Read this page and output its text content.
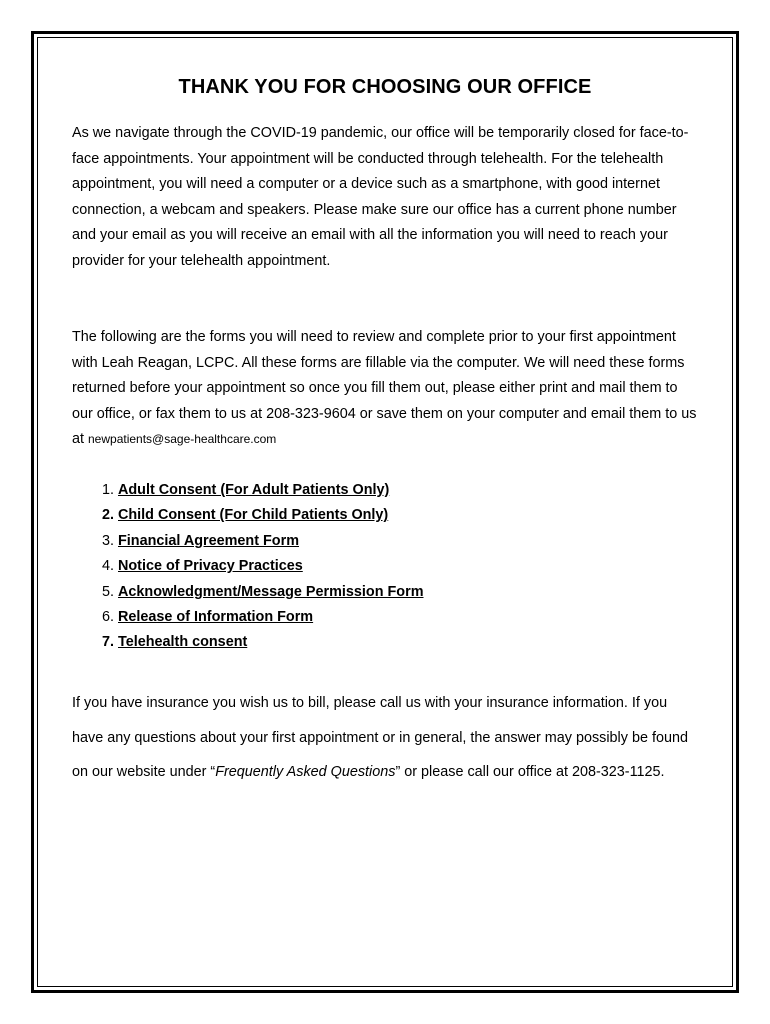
THANK YOU FOR CHOOSING OUR OFFICE

As we navigate through the COVID-19 pandemic, our office will be temporarily closed for face-to-face appointments. Your appointment will be conducted through telehealth. For the telehealth appointment, you will need a computer or a device such as a smartphone, with good internet connection, a webcam and speakers. Please make sure our office has a current phone number and your email as you will receive an email with all the information you will need to reach your provider for your telehealth appointment.

The following are the forms you will need to review and complete prior to your first appointment with Leah Reagan, LCPC. All these forms are fillable via the computer. We will need these forms returned before your appointment so once you fill them out, please either print and mail them to our office, or fax them to us at 208-323-9604 or save them on your computer and email them to us at newpatients@sage-healthcare.com

1. Adult Consent (For Adult Patients Only)
2. Child Consent (For Child Patients Only)
3. Financial Agreement Form
4. Notice of Privacy Practices
5. Acknowledgment/Message Permission Form
6. Release of Information Form
7. Telehealth consent

If you have insurance you wish us to bill, please call us with your insurance information. If you have any questions about your first appointment or in general, the answer may possibly be found on our website under “Frequently Asked Questions” or please call our office at 208-323-1125.
